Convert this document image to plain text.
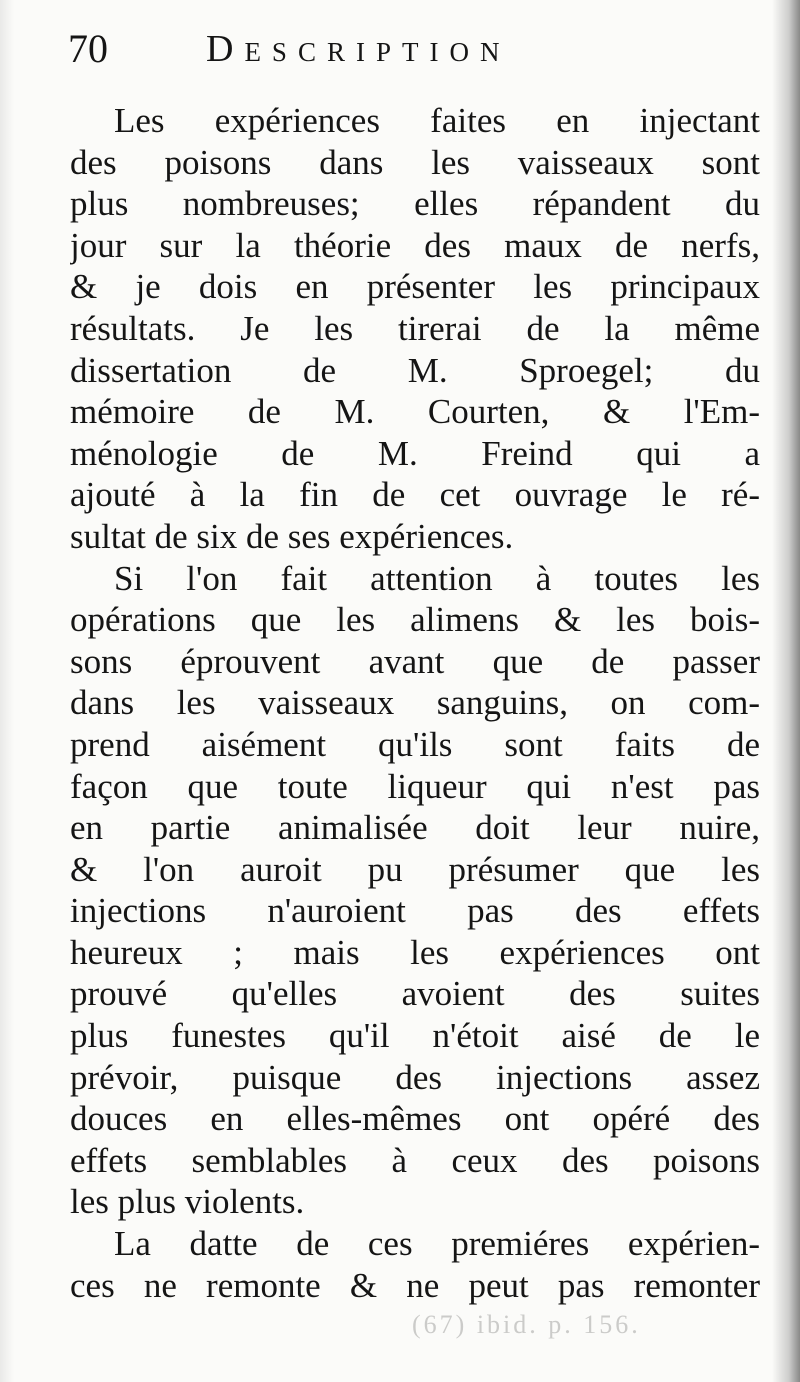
70	Description
Les expériences faites en injectant
des poisons dans les vaisseaux sont
plus nombreuses; elles répandent du
jour sur la théorie des maux de nerfs,
& je dois en présenter les principaux
résultats. Je les tirerai de la même
dissertation de M. Sproegel; du
mémoire de M. Courten, & l'Em-
ménologie de M. Freind qui a
ajouté à la fin de cet ouvrage le ré-
sultat de six de ses expériences.
Si l'on fait attention à toutes les
opérations que les alimens & les bois-
sons éprouvent avant que de passer
dans les vaisseaux sanguins, on com-
prend aisément qu'ils sont faits de
façon que toute liqueur qui n'est pas
en partie animalisée doit leur nuire,
& l'on auroit pu présumer que les
injections n'auroient pas des effets
heureux ; mais les expériences ont
prouvé qu'elles avoient des suites
plus funestes qu'il n'étoit aisé de le
prévoir, puisque des injections assez
douces en elles-mêmes ont opéré des
effets semblables à ceux des poisons
les plus violents.
La datte de ces premiéres expérien-
ces ne remonte & ne peut pas remonter
(67) ibid. p. 156.
